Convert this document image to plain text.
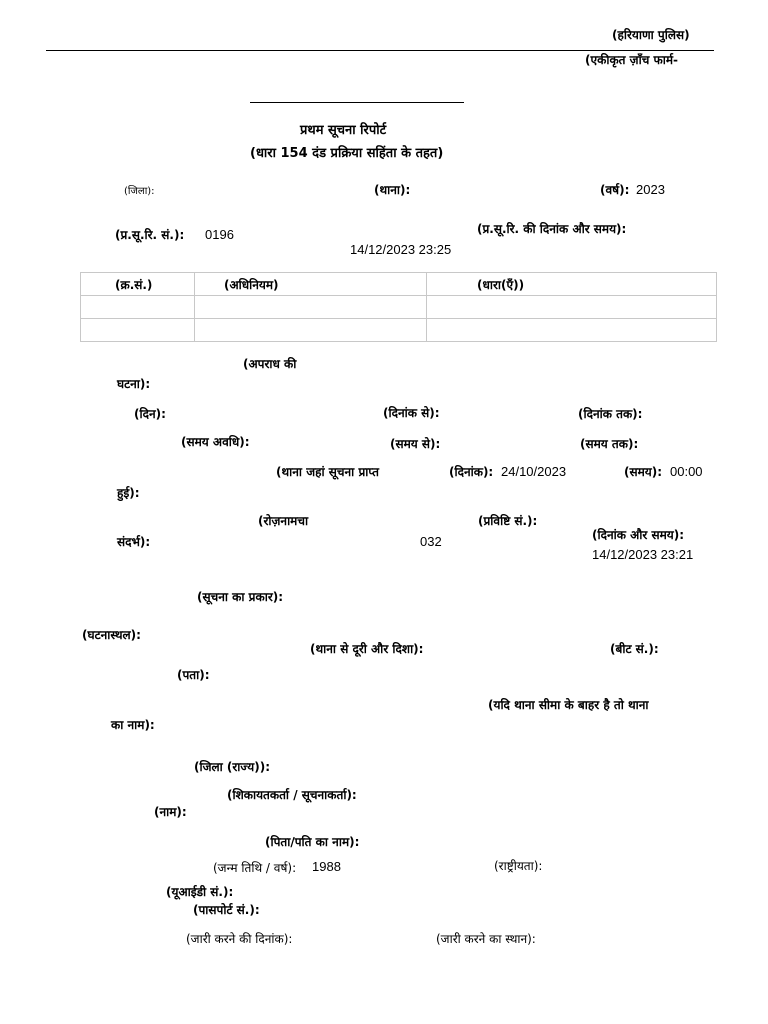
(हरियाणा पुलिस)
(एकीकृत ज़ाँच फार्म-
प्रथम सूचना रिपोर्ट
(धारा 154 दंड प्रक्रिया सहिंता के तहत)
(जिला):	(थाना):	(वर्ष): 2023
(प्र.सू.रि. सं.): 0196	(प्र.सू.रि. की दिनांक और समय):
14/12/2023 23:25
(क्र.सं.)	(अधिनियम)	(धारा(एँ))

(अपराध की
घटना):
(दिन):	(दिनांक से):	(दिनांक तक):
(समय अवधि):	(समय से):	(समय तक):
(थाना जहां सूचना प्राप्त	(दिनांक): 24/10/2023	(समय): 00:00
हुई):
(रोज़नामचा	(प्रविष्टि सं.):
(दिनांक और समय):
संदर्भ):	032
14/12/2023 23:21
(सूचना का प्रकार):
(घटनास्थल):
(थाना से दूरी और दिशा):	(बीट सं.):
(पता):
(यदि थाना सीमा के बाहर है तो थाना
का नाम):
(जिला (राज्य)):
(शिकायतकर्ता / सूचनाकर्ता):
(नाम):
(पिता/पति का नाम):
(जन्म तिथि / वर्ष): 1988	(राष्ट्रीयता):
(यूआईडी सं.):
(पासपोर्ट सं.):
(जारी करने की दिनांक):	(जारी करने का स्थान):
